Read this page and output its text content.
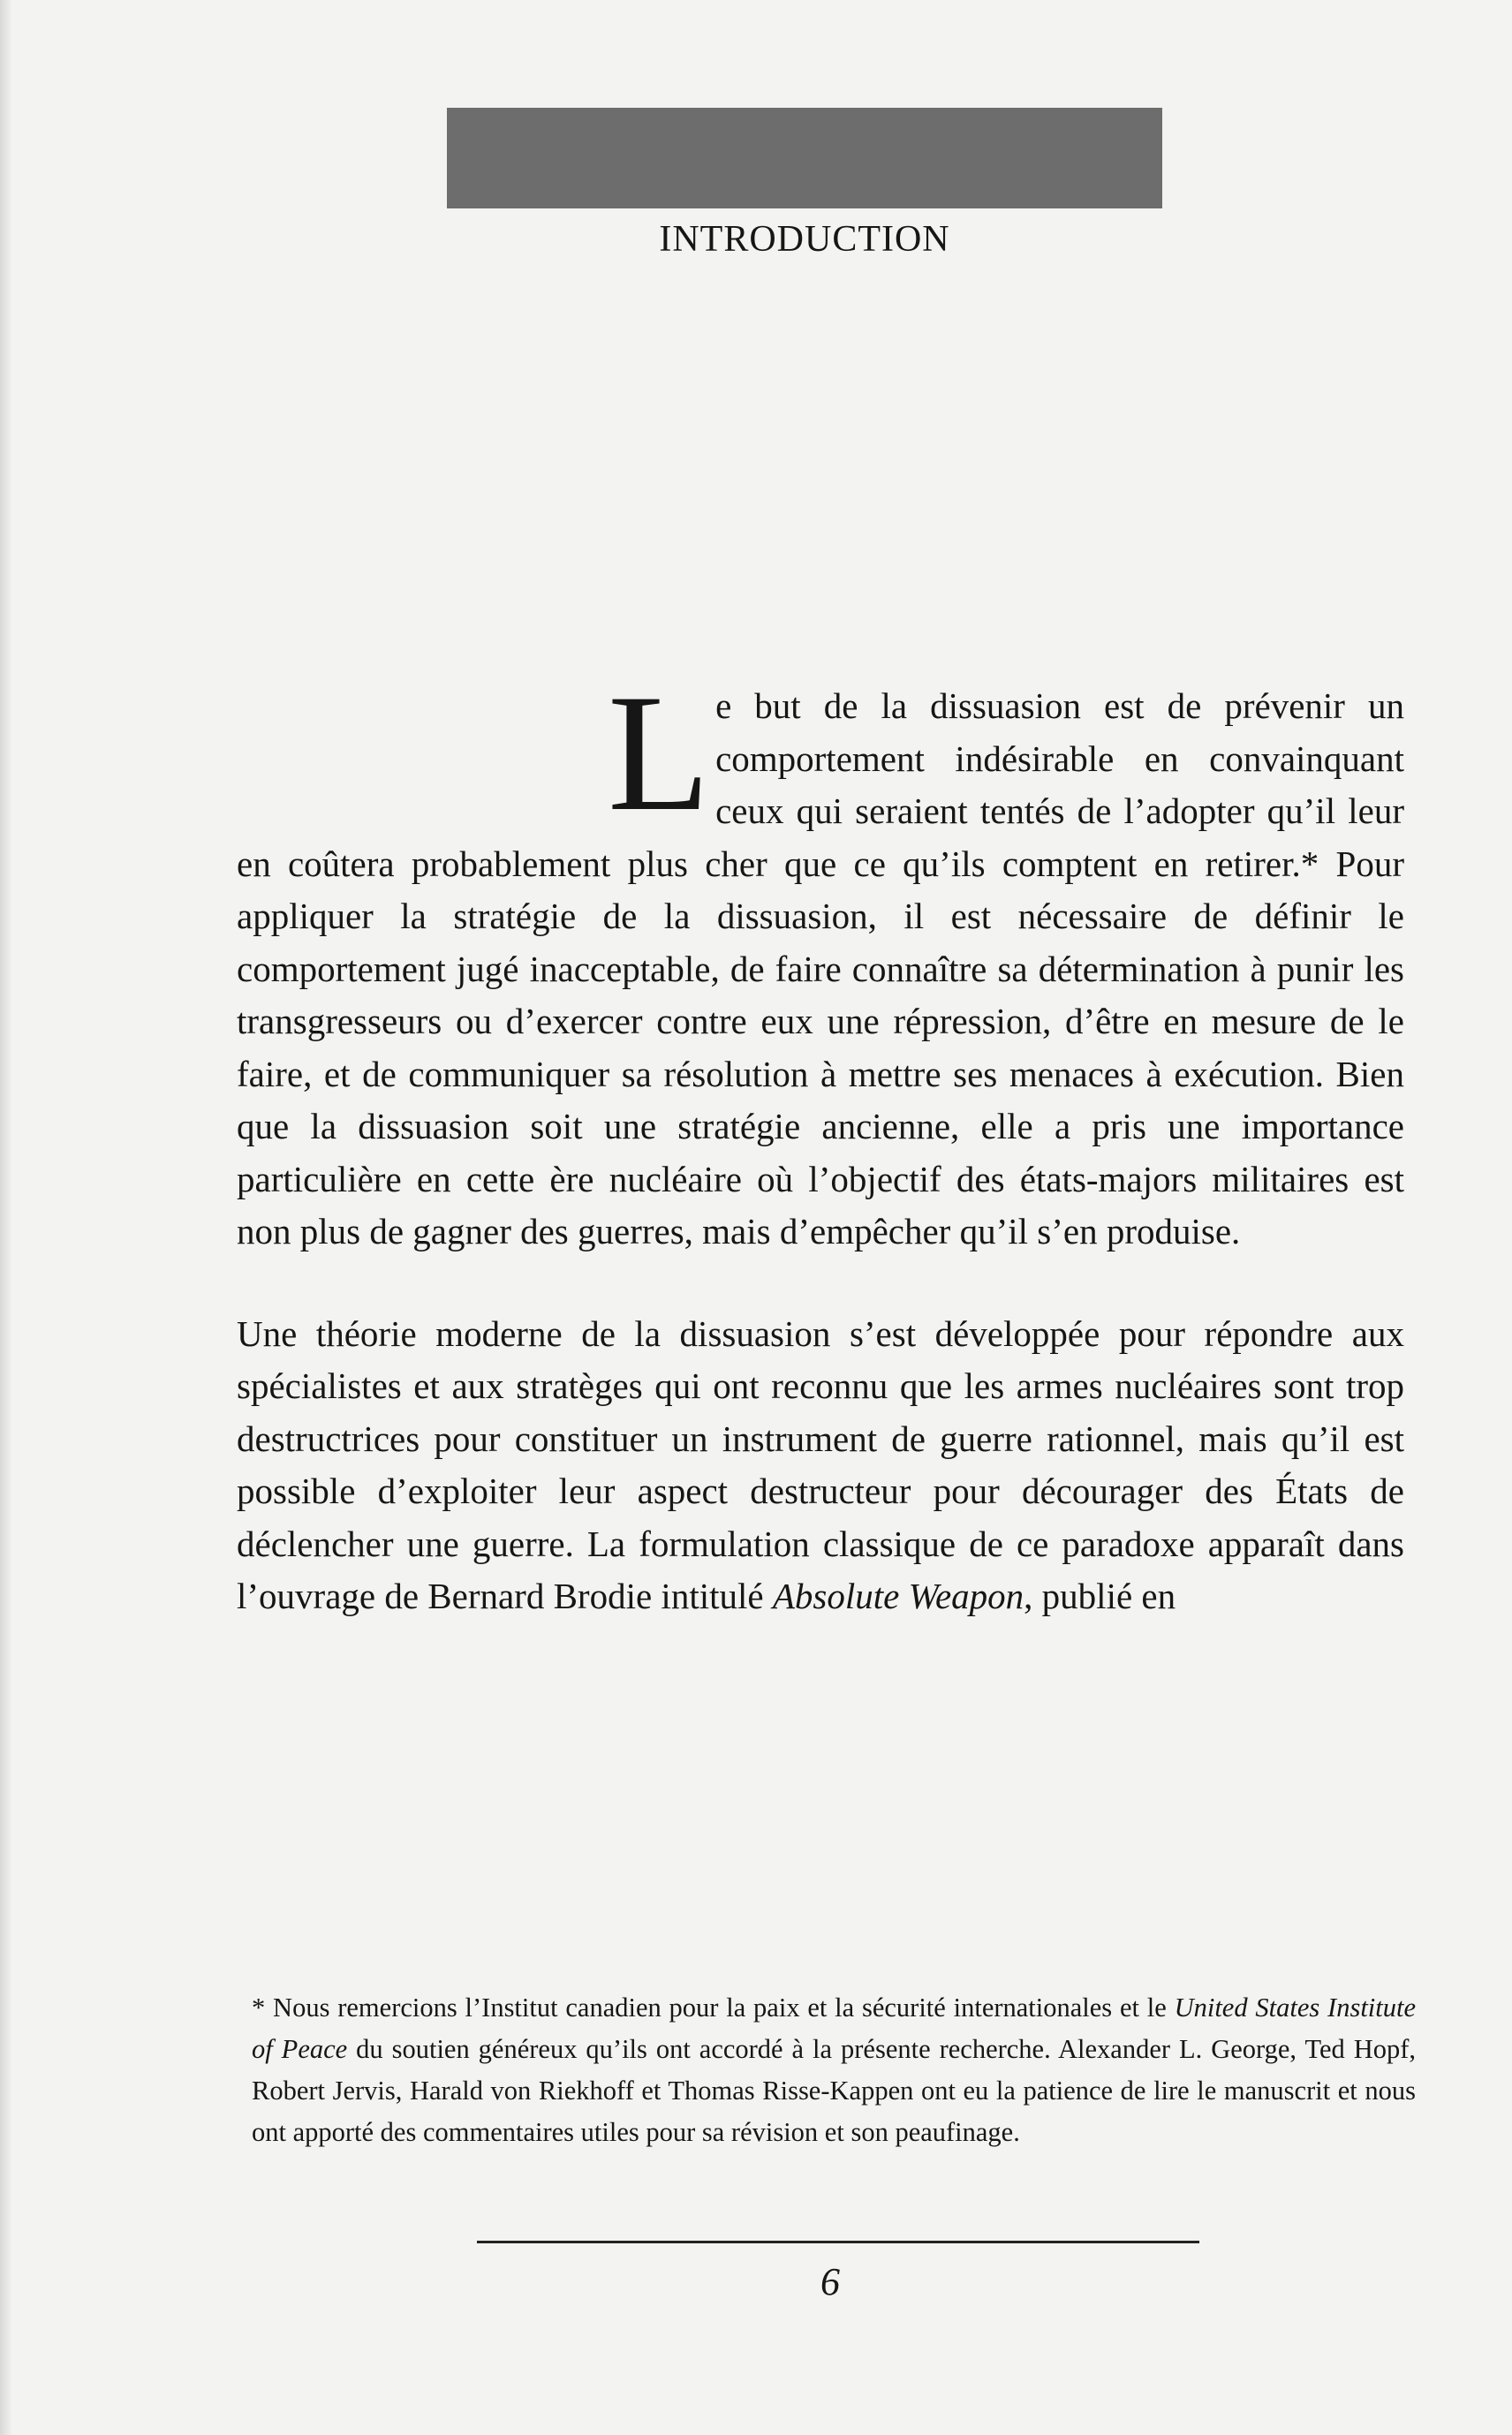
INTRODUCTION

Le but de la dissuasion est de prévenir un comportement indésirable en convainquant ceux qui seraient tentés de l’adopter qu’il leur en coûtera probablement plus cher que ce qu’ils comptent en retirer.* Pour appliquer la stratégie de la dissuasion, il est nécessaire de définir le comportement jugé inacceptable, de faire connaître sa détermination à punir les transgresseurs ou d’exercer contre eux une répression, d’être en mesure de le faire, et de communiquer sa résolution à mettre ses menaces à exécution. Bien que la dissuasion soit une stratégie ancienne, elle a pris une importance particulière en cette ère nucléaire où l’objectif des états-majors militaires est non plus de gagner des guerres, mais d’empêcher qu’il s’en produise.

Une théorie moderne de la dissuasion s’est développée pour répondre aux spécialistes et aux stratèges qui ont reconnu que les armes nucléaires sont trop destructrices pour constituer un instrument de guerre rationnel, mais qu’il est possible d’exploiter leur aspect destructeur pour décourager des États de déclencher une guerre. La formulation classique de ce paradoxe apparaît dans l’ouvrage de Bernard Brodie intitulé Absolute Weapon, publié en

* Nous remercions l’Institut canadien pour la paix et la sécurité internationales et le United States Institute of Peace du soutien généreux qu’ils ont accordé à la présente recherche. Alexander L. George, Ted Hopf, Robert Jervis, Harald von Riekhoff et Thomas Risse-Kappen ont eu la patience de lire le manuscrit et nous ont apporté des commentaires utiles pour sa révision et son peaufinage.
6
